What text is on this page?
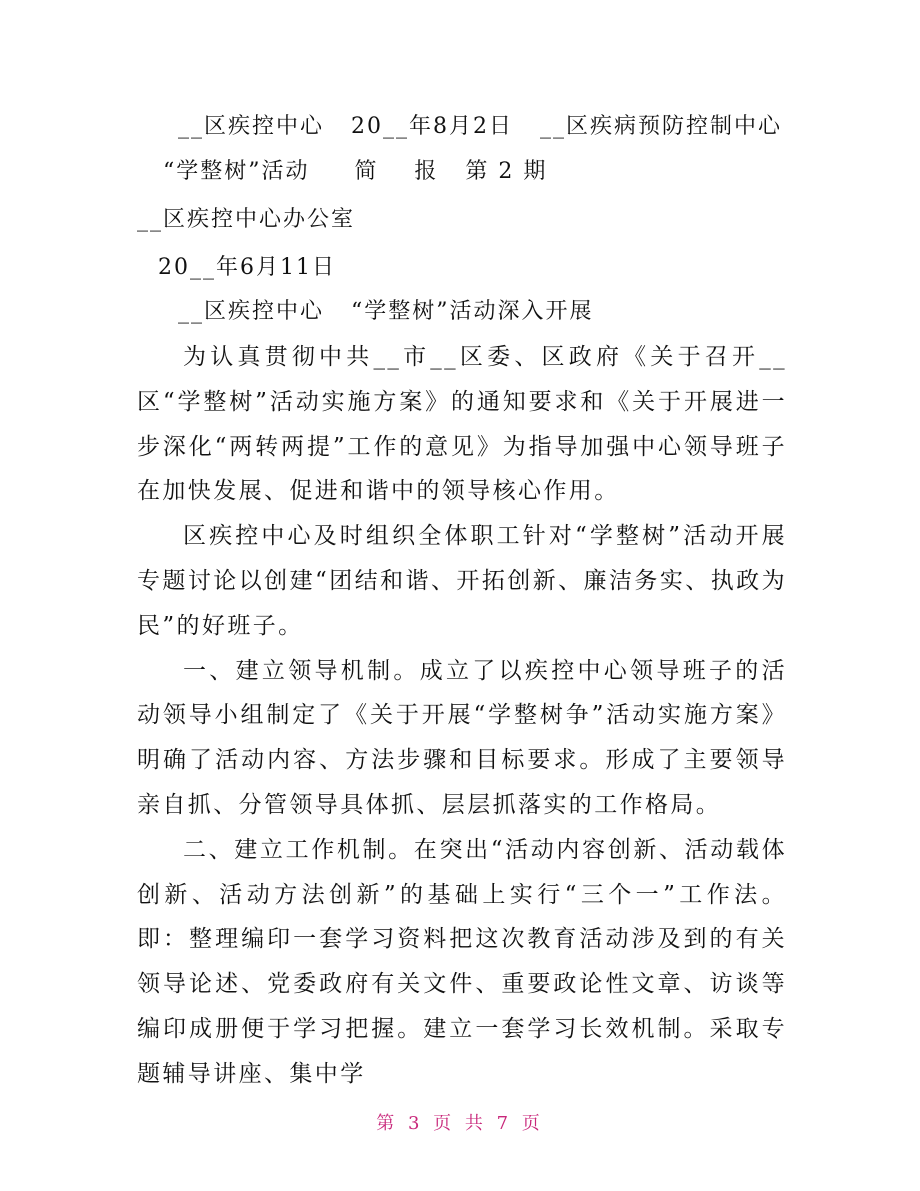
__区疾控中心   20__年8月2日   __区疾病预防控制中心
“学整树”活动     简    报   第 2 期
__区疾控中心办公室
20__年6月11日
__区疾控中心   “学整树”活动深入开展

为认真贯彻中共__市__区委、区政府《关于召开__区“学整树”活动实施方案》的通知要求和《关于开展进一步深化“两转两提”工作的意见》为指导加强中心领导班子在加快发展、促进和谐中的领导核心作用。

区疾控中心及时组织全体职工针对“学整树”活动开展专题讨论以创建“团结和谐、开拓创新、廉洁务实、执政为民”的好班子。

一、建立领导机制。成立了以疾控中心领导班子的活动领导小组制定了《关于开展“学整树争”活动实施方案》明确了活动内容、方法步骤和目标要求。形成了主要领导亲自抓、分管领导具体抓、层层抓落实的工作格局。

二、建立工作机制。在突出“活动内容创新、活动载体创新、活动方法创新”的基础上实行“三个一”工作法。即：整理编印一套学习资料把这次教育活动涉及到的有关领导论述、党委政府有关文件、重要政论性文章、访谈等编印成册便于学习把握。建立一套学习长效机制。采取专题辅导讲座、集中学

第 3 页 共 7 页
